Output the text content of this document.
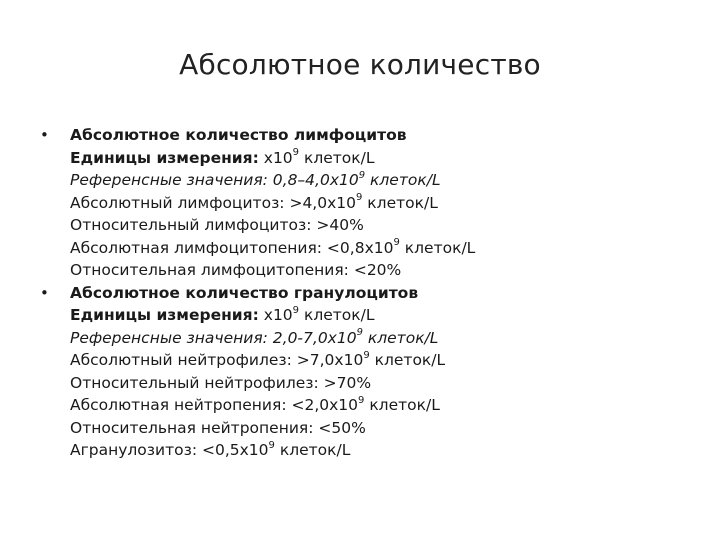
Абсолютное количество
• Абсолютное количество лимфоцитов
Единицы измерения: $х10^9$ клеток/L
Референсные значения: $0,8-4,0х10^9$ клеток/L
Абсолютный лимфоцитоз: $>4,0х10^9$ клеток/L
Относительный лимфоцитоз: >40%
Абсолютная лимфоцитопения: $<0,8х10^9$ клеток/L
Относительная лимфоцитопения: <20%
• Абсолютное количество гранулоцитов
Единицы измерения: $х10^9$ клеток/L
Референсные значения: $2,0-7,0х10^9$ клеток/L
Абсолютный нейтрофилез: $>7,0х10^9$ клеток/L
Относительный нейтрофилез: >70%
Абсолютная нейтропения: $<2,0х10^9$ клеток/L
Относительная нейтропения: <50%
Агранулозитоз: $<0,5х10^9$ клеток/L
